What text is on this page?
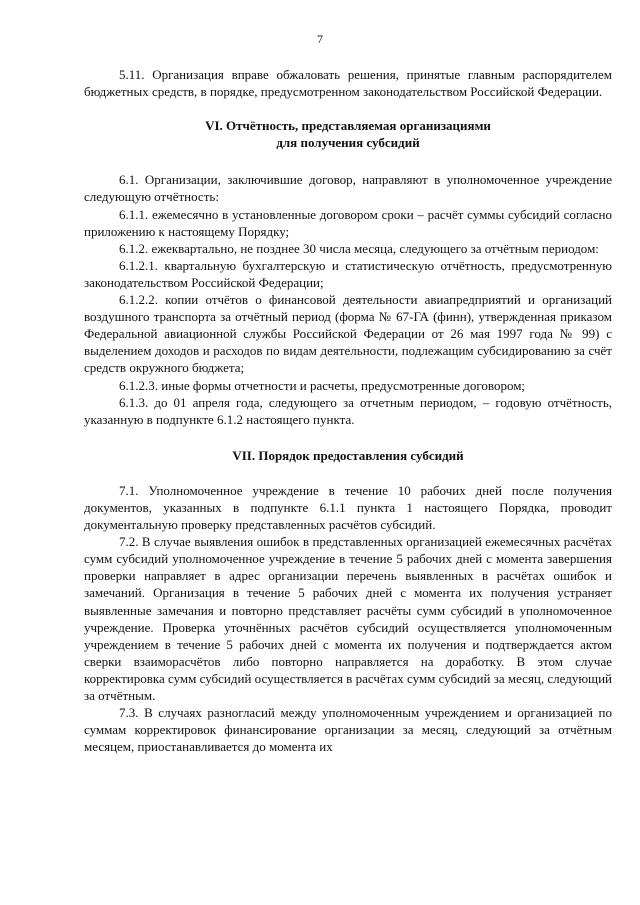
7

5.11. Организация вправе обжаловать решения, принятые главным распорядителем бюджетных средств, в порядке, предусмотренном законодательством Российской Федерации.

VI. Отчётность, представляемая организациями

для получения субсидий

6.1. Организации, заключившие договор, направляют в уполномоченное учреждение следующую отчётность:

6.1.1. ежемесячно в установленные договором сроки – расчёт суммы субсидий согласно приложению к настоящему Порядку;

6.1.2. ежеквартально, не позднее 30 числа месяца, следующего за отчётным периодом:

6.1.2.1. квартальную бухгалтерскую и статистическую отчётность, предусмотренную законодательством Российской Федерации;

6.1.2.2. копии отчётов о финансовой деятельности авиапредприятий и организаций воздушного транспорта за отчётный период (форма № 67-ГА (финн), утвержденная приказом Федеральной авиационной службы Российской Федерации от 26 мая 1997 года № 99) с выделением доходов и расходов по видам деятельности, подлежащим субсидированию за счёт средств окружного бюджета;

6.1.2.3. иные формы отчетности и расчеты, предусмотренные договором;

6.1.3. до 01 апреля года, следующего за отчетным периодом, – годовую отчётность, указанную в подпункте 6.1.2 настоящего пункта.

VII. Порядок предоставления субсидий

7.1. Уполномоченное учреждение в течение 10 рабочих дней после получения документов, указанных в подпункте 6.1.1 пункта 1 настоящего Порядка, проводит документальную проверку представленных расчётов субсидий.

7.2. В случае выявления ошибок в представленных организацией ежемесячных расчётах сумм субсидий уполномоченное учреждение в течение 5 рабочих дней с момента завершения проверки направляет в адрес организации перечень выявленных в расчётах ошибок и замечаний. Организация в течение 5 рабочих дней с момента их получения устраняет выявленные замечания и повторно представляет расчёты сумм субсидий в уполномоченное учреждение. Проверка уточнённых расчётов субсидий осуществляется уполномоченным учреждением в течение 5 рабочих дней с момента их получения и подтверждается актом сверки взаиморасчётов либо повторно направляется на доработку. В этом случае корректировка сумм субсидий осуществляется в расчётах сумм субсидий за месяц, следующий за отчётным.

7.3. В случаях разногласий между уполномоченным учреждением и организацией по суммам корректировок финансирование организации за месяц, следующий за отчётным месяцем, приостанавливается до момента их
